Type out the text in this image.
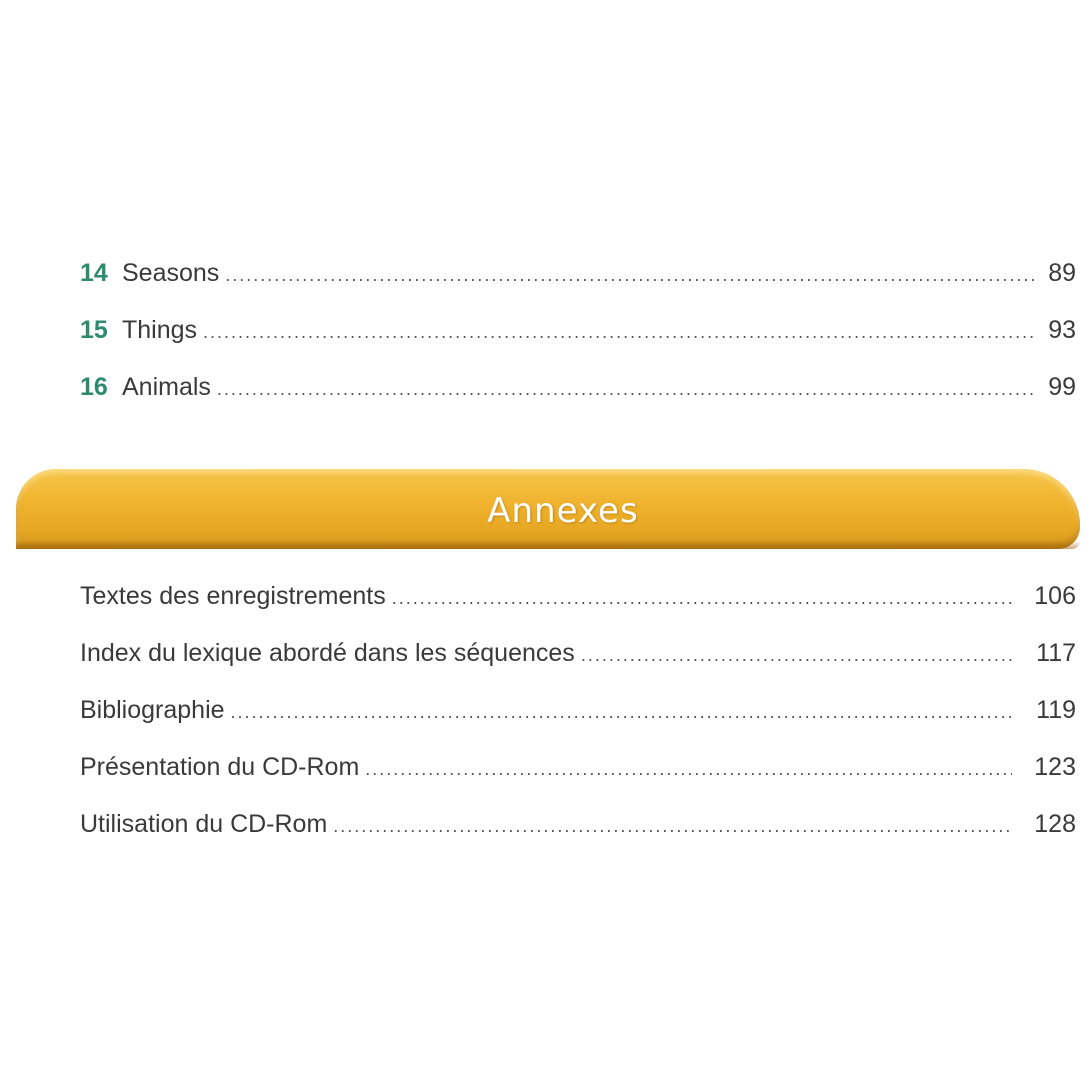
14 Seasons .....	89
15 Things .....	93
16 Animals .....	99
Annexes
Textes des enregistrements .....	106
Index du lexique abordé dans les séquences .....	117
Bibliographie .....	119
Présentation du CD-Rom .....	123
Utilisation du CD-Rom .....	128
